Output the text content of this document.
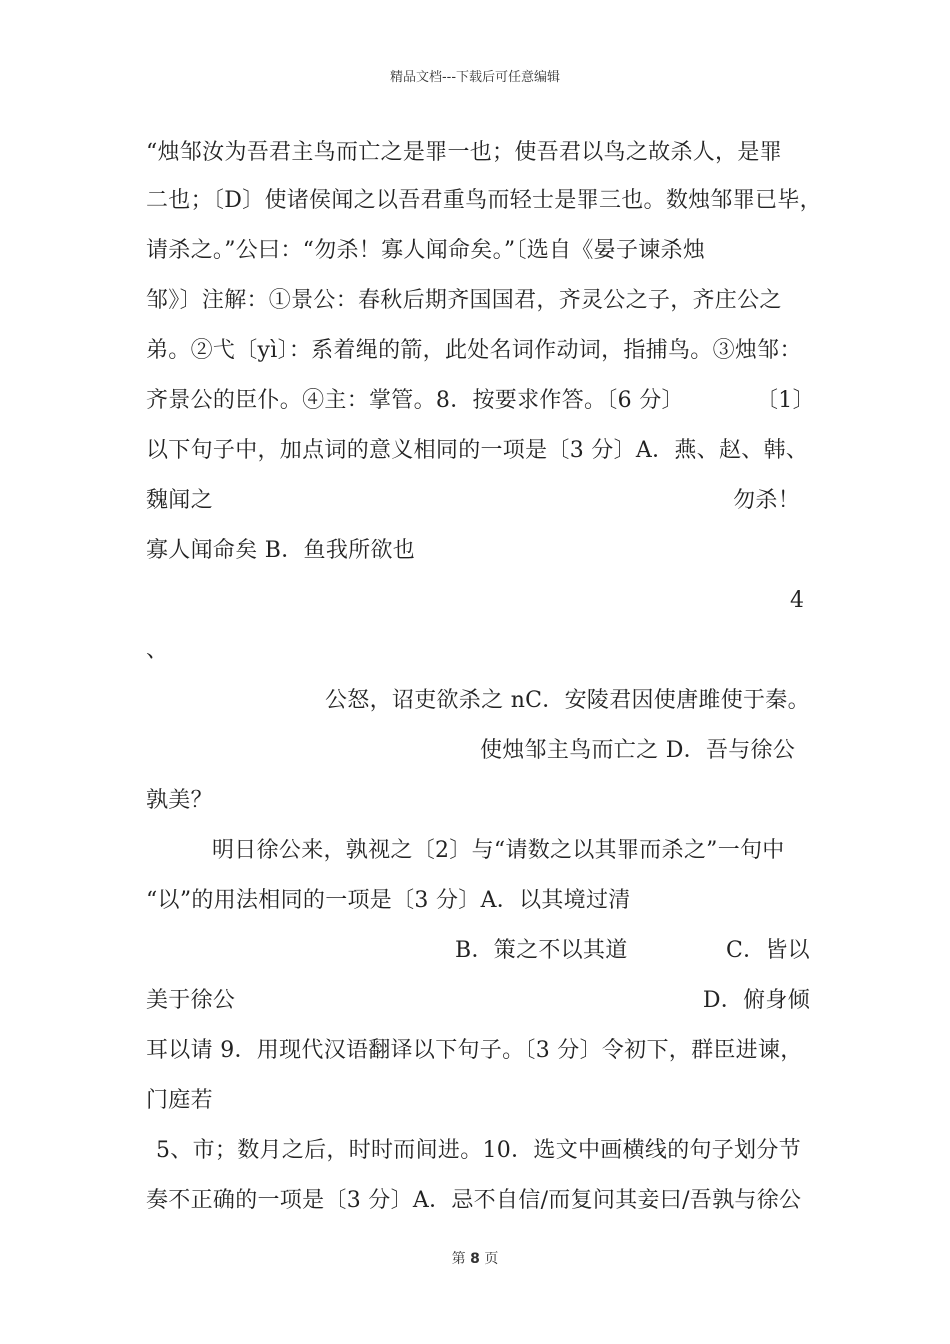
精品文档---下载后可任意编辑
“烛邹汝为吾君主鸟而亡之是罪一也；使吾君以鸟之故杀人，是罪
二也；〔D〕使诸侯闻之以吾君重鸟而轻士是罪三也。数烛邹罪已毕，
请杀之。”公曰：“勿杀！寡人闻命矣。”〔选自《晏子谏杀烛
邹》〕注解：①景公：春秋后期齐国国君，齐灵公之子，齐庄公之
弟。②弋〔yì〕：系着绳的箭，此处名词作动词，指捕鸟。③烛邹：
齐景公的臣仆。④主：掌管。8．按要求作答。〔6 分〕	〔1〕
以下句子中，加点词的意义相同的一项是〔3 分〕A．燕、赵、韩、
魏闻之	勿杀！
寡人闻命矣 B．鱼我所欲也
4
、
公怒，诏吏欲杀之 nC．安陵君因使唐雎使于秦。
使烛邹主鸟而亡之 D．吾与徐公
孰美？
明日徐公来，孰视之〔2〕与“请数之以其罪而杀之”一句中
“以”的用法相同的一项是〔3 分〕A．以其境过清
B．策之不以其道	C．皆以
美于徐公	D．俯身倾
耳以请 9．用现代汉语翻译以下句子。〔3 分〕令初下，群臣进谏，
门庭若
5、市；数月之后，时时而间进。10．选文中画横线的句子划分节
奏不正确的一项是〔3 分〕A．忌不自信/而复问其妾曰/吾孰与徐公
第 8 页
